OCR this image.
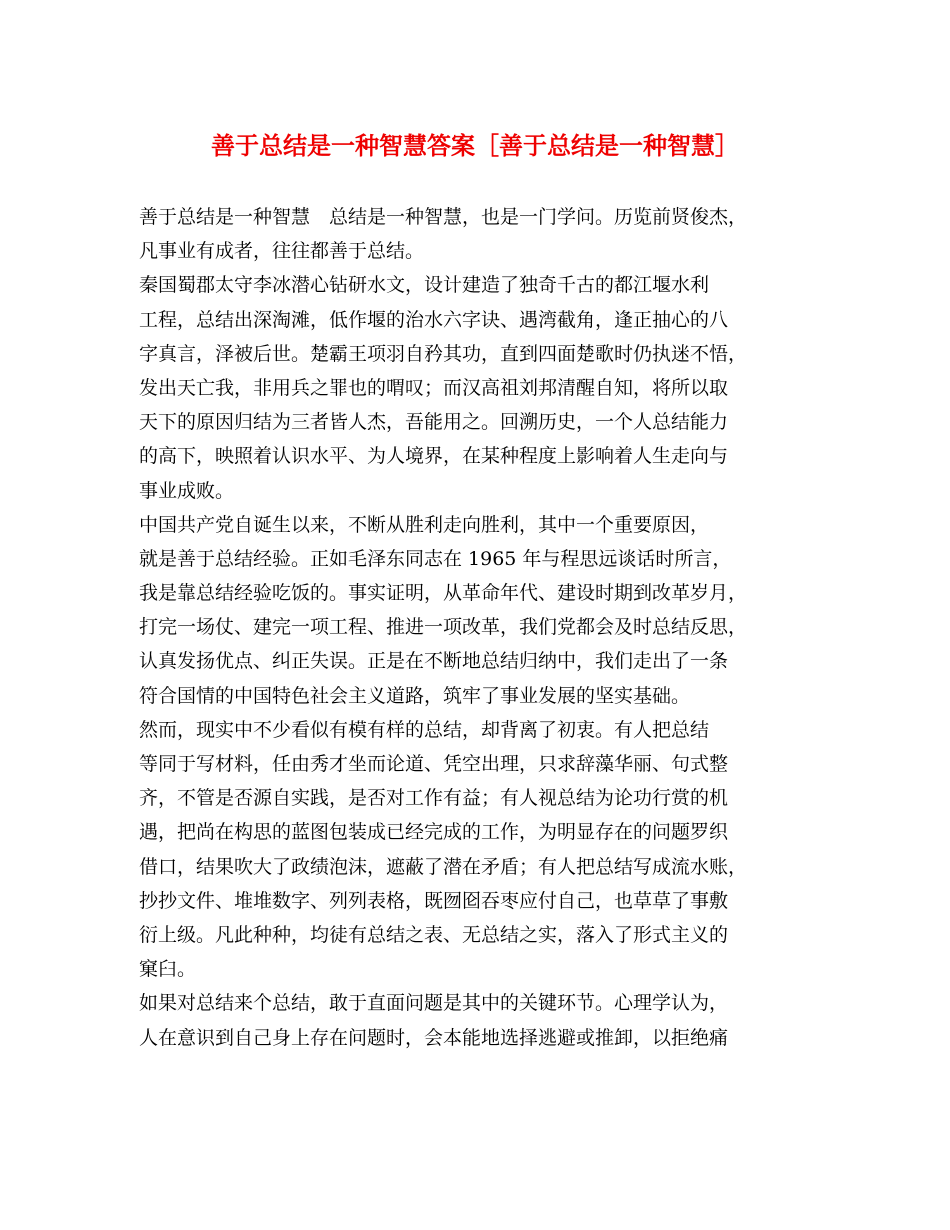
善于总结是一种智慧答案［善于总结是一种智慧］
善于总结是一种智慧　总结是一种智慧，也是一门学问。历览前贤俊杰，
凡事业有成者，往往都善于总结。
秦国蜀郡太守李冰潜心钻研水文，设计建造了独奇千古的都江堰水利
工程，总结出深淘滩，低作堰的治水六字诀、遇湾截角，逢正抽心的八
字真言，泽被后世。楚霸王项羽自矜其功，直到四面楚歌时仍执迷不悟，
发出天亡我，非用兵之罪也的喟叹；而汉高祖刘邦清醒自知，将所以取
天下的原因归结为三者皆人杰，吾能用之。回溯历史，一个人总结能力
的高下，映照着认识水平、为人境界，在某种程度上影响着人生走向与
事业成败。
中国共产党自诞生以来，不断从胜利走向胜利，其中一个重要原因，
就是善于总结经验。正如毛泽东同志在 1965 年与程思远谈话时所言，
我是靠总结经验吃饭的。事实证明，从革命年代、建设时期到改革岁月，
打完一场仗、建完一项工程、推进一项改革，我们党都会及时总结反思，
认真发扬优点、纠正失误。正是在不断地总结归纳中，我们走出了一条
符合国情的中国特色社会主义道路，筑牢了事业发展的坚实基础。
然而，现实中不少看似有模有样的总结，却背离了初衷。有人把总结
等同于写材料，任由秀才坐而论道、凭空出理，只求辞藻华丽、句式整
齐，不管是否源自实践，是否对工作有益；有人视总结为论功行赏的机
遇，把尚在构思的蓝图包装成已经完成的工作，为明显存在的问题罗织
借口，结果吹大了政绩泡沫，遮蔽了潜在矛盾；有人把总结写成流水账，
抄抄文件、堆堆数字、列列表格，既囫囵吞枣应付自己，也草草了事敷
衍上级。凡此种种，均徒有总结之表、无总结之实，落入了形式主义的
窠臼。
如果对总结来个总结，敢于直面问题是其中的关键环节。心理学认为，
人在意识到自己身上存在问题时，会本能地选择逃避或推卸，以拒绝痛
